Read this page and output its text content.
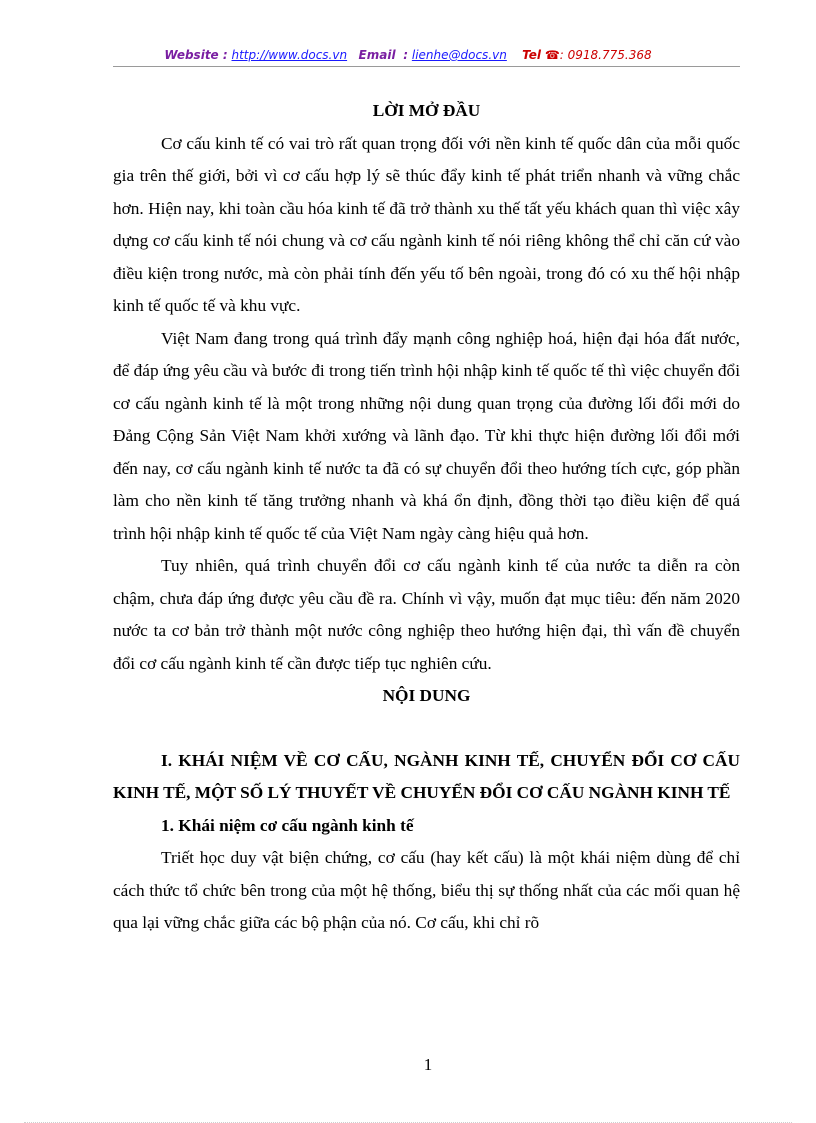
Website : http://www.docs.vn Email : lienhe@docs.vn Tel ☎: 0918.775.368

LỜI MỞ ĐẦU

Cơ cấu kinh tế có vai trò rất quan trọng đối với nền kinh tế quốc dân của mỗi quốc gia trên thế giới, bởi vì cơ cấu hợp lý sẽ thúc đẩy kinh tế phát triển nhanh và vững chắc hơn. Hiện nay, khi toàn cầu hóa kinh tế đã trở thành xu thế tất yếu khách quan thì việc xây dựng cơ cấu kinh tế nói chung và cơ cấu ngành kinh tế nói riêng không thể chỉ căn cứ vào điều kiện trong nước, mà còn phải tính đến yếu tố bên ngoài, trong đó có xu thế hội nhập kinh tế quốc tế và khu vực.

Việt Nam đang trong quá trình đẩy mạnh công nghiệp hoá, hiện đại hóa đất nước, để đáp ứng yêu cầu và bước đi trong tiến trình hội nhập kinh tế quốc tế thì việc chuyển đổi cơ cấu ngành kinh tế là một trong những nội dung quan trọng của đường lối đổi mới do Đảng Cộng Sản Việt Nam khởi xướng và lãnh đạo. Từ khi thực hiện đường lối đổi mới đến nay, cơ cấu ngành kinh tế nước ta đã có sự chuyển đổi theo hướng tích cực, góp phần làm cho nền kinh tế tăng trưởng nhanh và khá ổn định, đồng thời tạo điều kiện để quá trình hội nhập kinh tế quốc tế của Việt Nam ngày càng hiệu quả hơn.

Tuy nhiên, quá trình chuyển đổi cơ cấu ngành kinh tế của nước ta diễn ra còn chậm, chưa đáp ứng được yêu cầu đề ra. Chính vì vậy, muốn đạt mục tiêu: đến năm 2020 nước ta cơ bản trở thành một nước công nghiệp theo hướng hiện đại, thì vấn đề chuyển đổi cơ cấu ngành kinh tế cần được tiếp tục nghiên cứu.

NỘI DUNG

I. KHÁI NIỆM VỀ CƠ CẤU, NGÀNH KINH TẾ, CHUYỂN ĐỔI CƠ CẤU KINH TẾ, MỘT SỐ LÝ THUYẾT VỀ CHUYỂN ĐỔI CƠ CẤU NGÀNH KINH TẾ

1. Khái niệm cơ cấu ngành kinh tế

Triết học duy vật biện chứng, cơ cấu (hay kết cấu) là một khái niệm dùng để chỉ cách thức tổ chức bên trong của một hệ thống, biểu thị sự thống nhất của các mối quan hệ qua lại vững chắc giữa các bộ phận của nó. Cơ cấu, khi chỉ rõ

1
